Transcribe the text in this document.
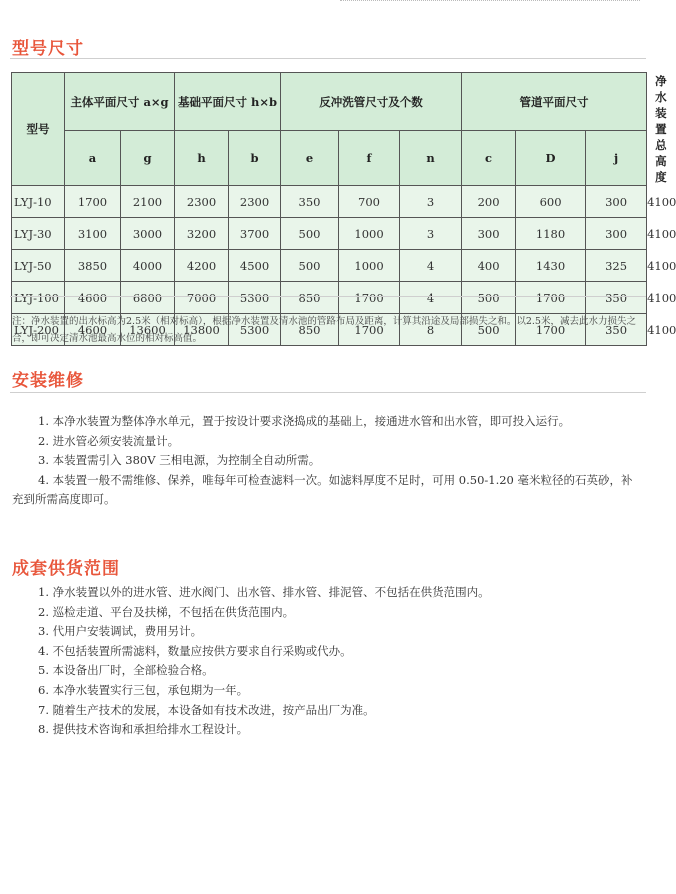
型号尺寸
型号	主体平面尺寸 a×g		基础平面尺寸 h×b		反冲洗管尺寸及个数			管道平面尺寸			净水 装置 总高度
	a	g	h	b	e	f	n	c	D	j	
LYJ-10	1700	2100	2300	2300	350	700	3	200	600	300	4100
LYJ-30	3100	3000	3200	3700	500	1000	3	300	1180	300	4100
LYJ-50	3850	4000	4200	4500	500	1000	4	400	1430	325	4100
LYJ-100	4600	6800	7000	5300	850	1700	4	500	1700	350	4100
LYJ-200	4600	13600	13800	5300	850	1700	8	500	1700	350	4100

注：净水装置的出水标高为2.5米（相对标高），根据净水装置及清水池的管路布局及距离，计算其沿途及局部损失之和。以2.5米，减去此水力损失之合，即可决定清水池最高水位的相对标高值。

安装维修
1. 本净水装置为整体净水单元，置于按设计要求浇捣成的基础上，接通进水管和出水管，即可投入运行。
2. 进水管必须安装流量计。
3. 本装置需引入 380V 三相电源，为控制全自动所需。
4. 本装置一般不需维修、保养，唯每年可检查滤料一次。如滤料厚度不足时，可用 0.50-1.20 毫米粒径的石英砂，补充到所需高度即可。
成套供货范围
1. 净水装置以外的进水管、进水阀门、出水管、排水管、排泥管、不包括在供货范围内。
2. 巡检走道、平台及扶梯，不包括在供货范围内。
3. 代用户安装调试，费用另计。
4. 不包括装置所需滤料，数量应按供方要求自行采购或代办。
5. 本设备出厂时，全部检验合格。
6. 本净水装置实行三包，承包期为一年。
7. 随着生产技术的发展，本设备如有技术改进，按产品出厂为准。
8. 提供技术咨询和承担给排水工程设计。
